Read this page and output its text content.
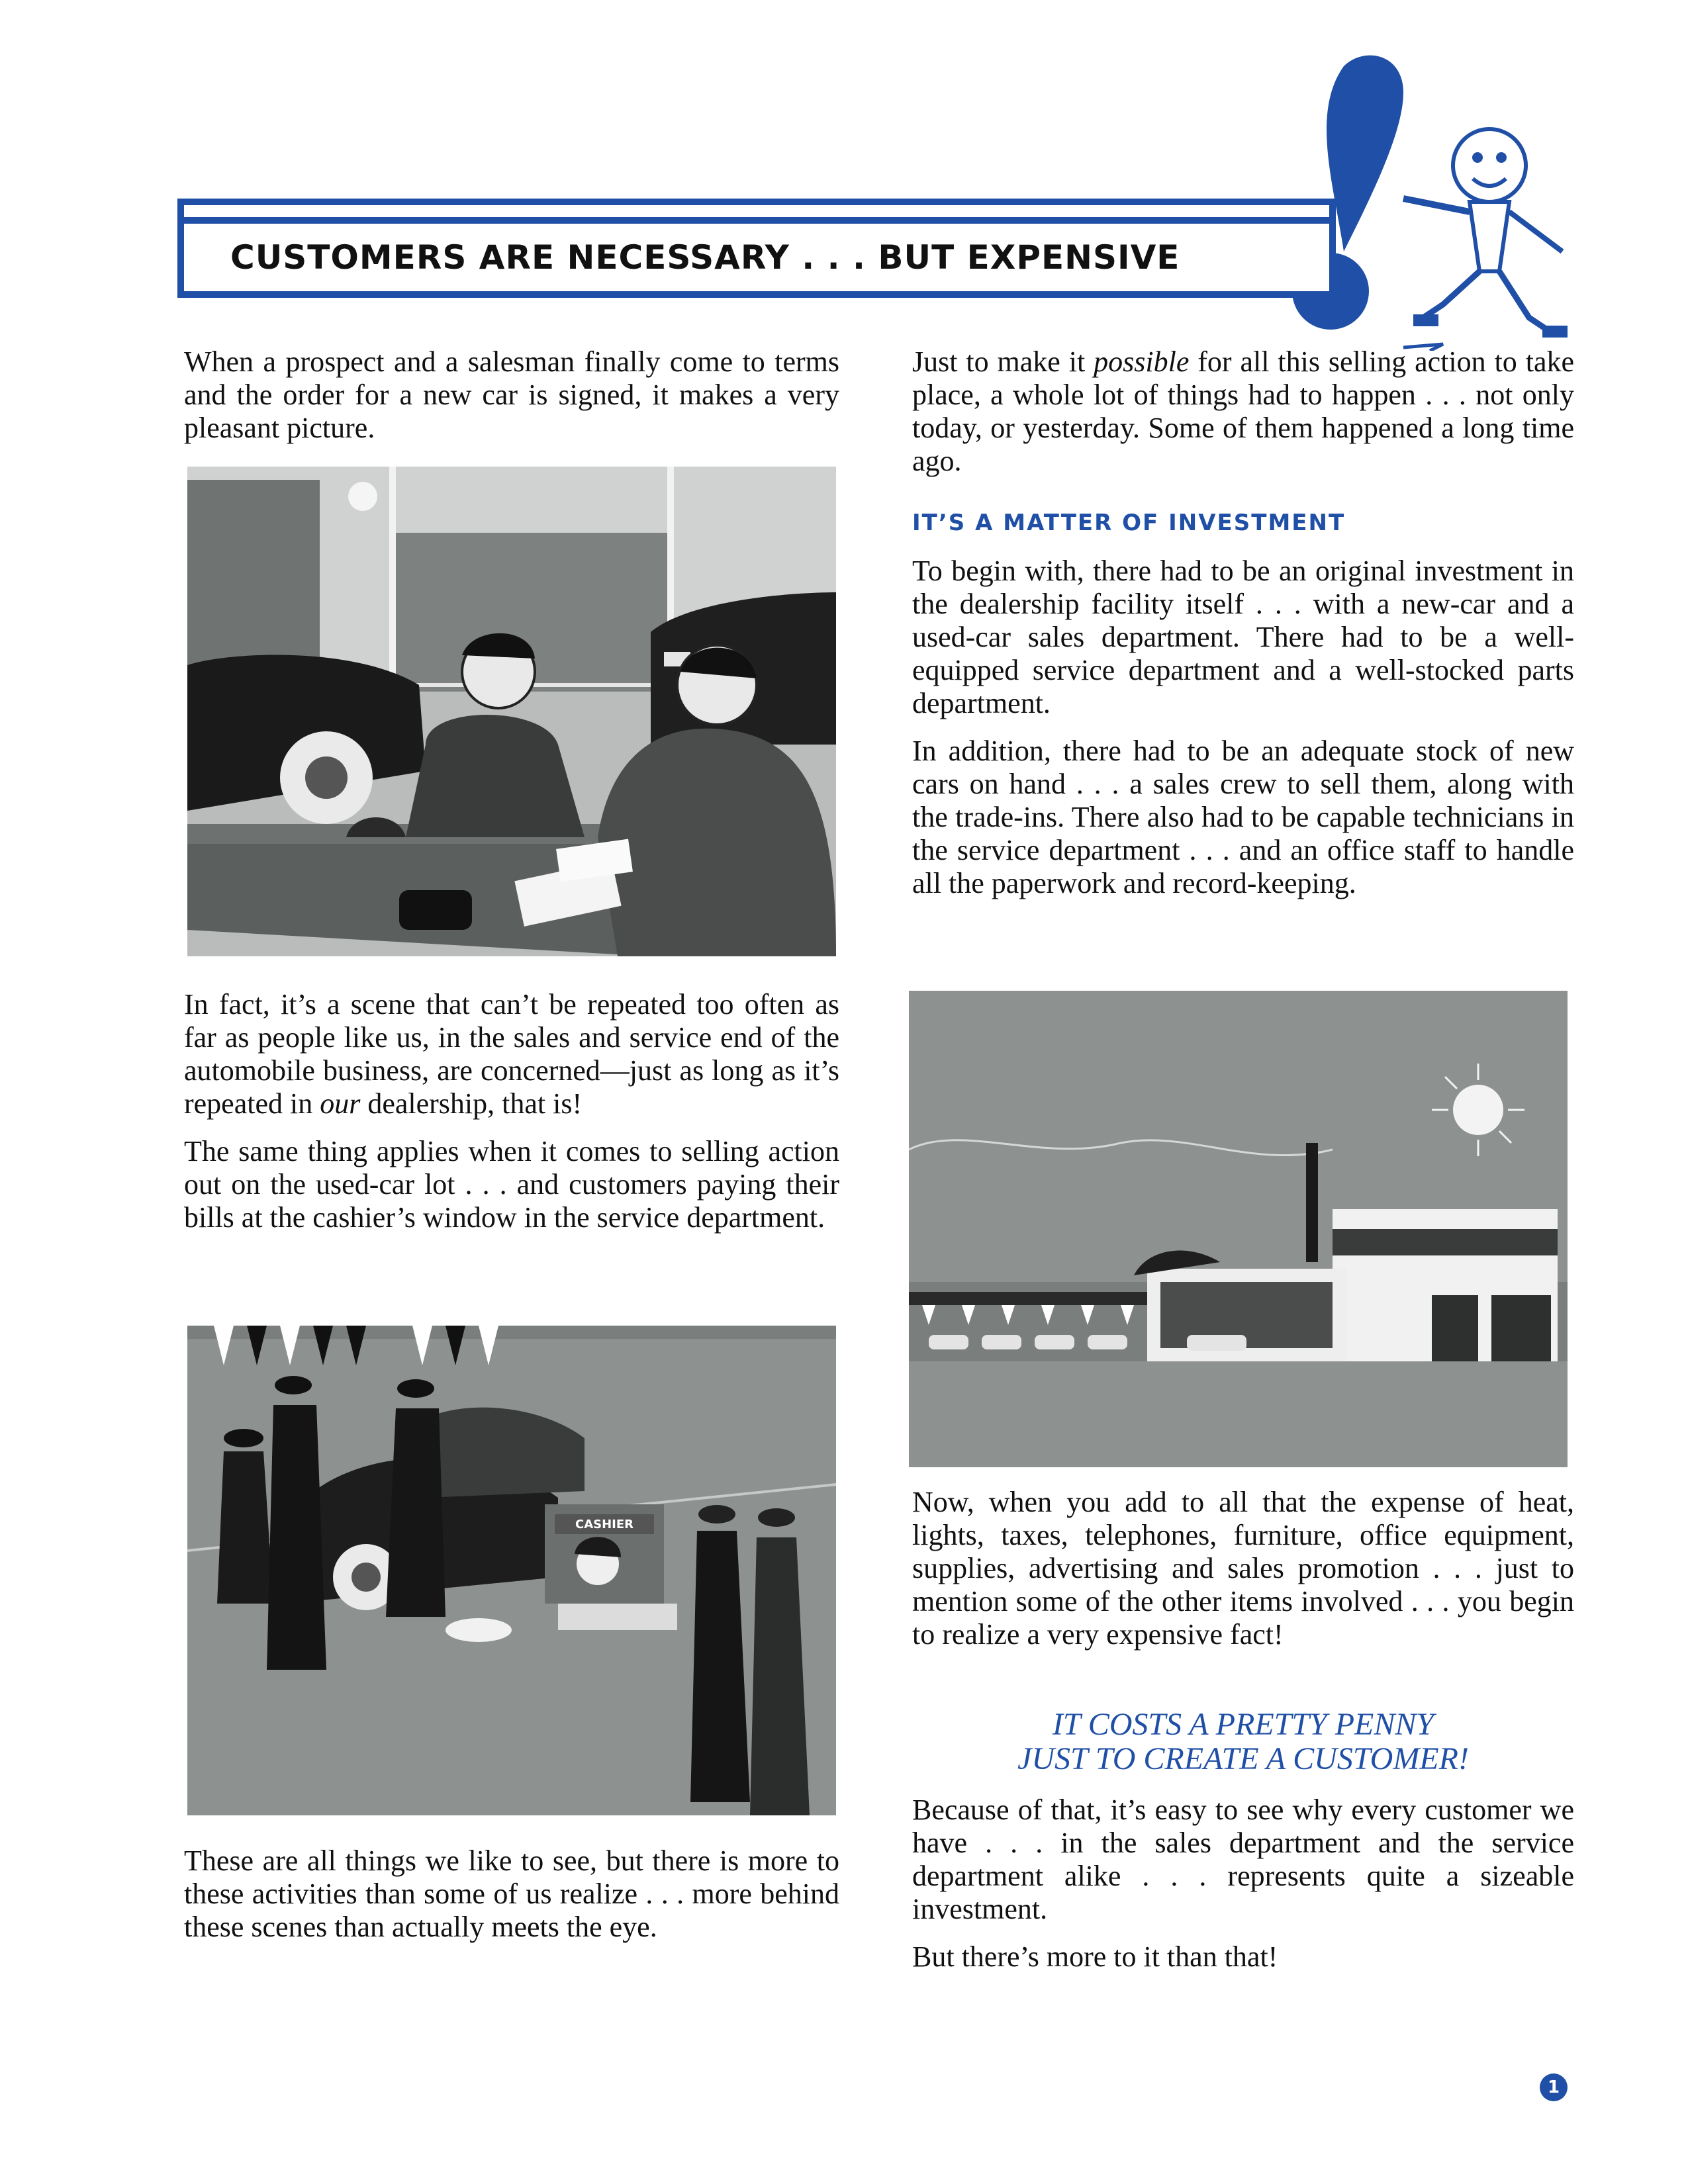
CUSTOMERS ARE NECESSARY . . . BUT EXPENSIVE

When a prospect and a salesman finally come to terms and the order for a new car is signed, it makes a very pleasant picture.

In fact, it’s a scene that can’t be repeated too often as far as people like us, in the sales and service end of the automobile business, are concerned—just as long as it’s repeated in our dealership, that is!

The same thing applies when it comes to selling action out on the used-car lot . . . and customers paying their bills at the cashier’s window in the service department.

CASHIER

These are all things we like to see, but there is more to these activities than some of us realize . . . more behind these scenes than actually meets the eye.

Just to make it possible for all this selling action to take place, a whole lot of things had to happen . . . not only today, or yesterday. Some of them happened a long time ago.

IT’S A MATTER OF INVESTMENT

To begin with, there had to be an original investment in the dealership facility itself . . . with a new-car and a used-car sales department. There had to be a well-equipped service department and a well-stocked parts department.

In addition, there had to be an adequate stock of new cars on hand . . . a sales crew to sell them, along with the trade-ins. There also had to be capable technicians in the service department . . . and an office staff to handle all the paperwork and record-keeping.

Now, when you add to all that the expense of heat, lights, taxes, telephones, furniture, office equipment, supplies, advertising and sales promotion . . . just to mention some of the other items involved . . . you begin to realize a very expensive fact!

IT COSTS A PRETTY PENNY
JUST TO CREATE A CUSTOMER!

Because of that, it’s easy to see why every customer we have . . . in the sales department and the service department alike . . . represents quite a sizeable investment.

But there’s more to it than that!

1
